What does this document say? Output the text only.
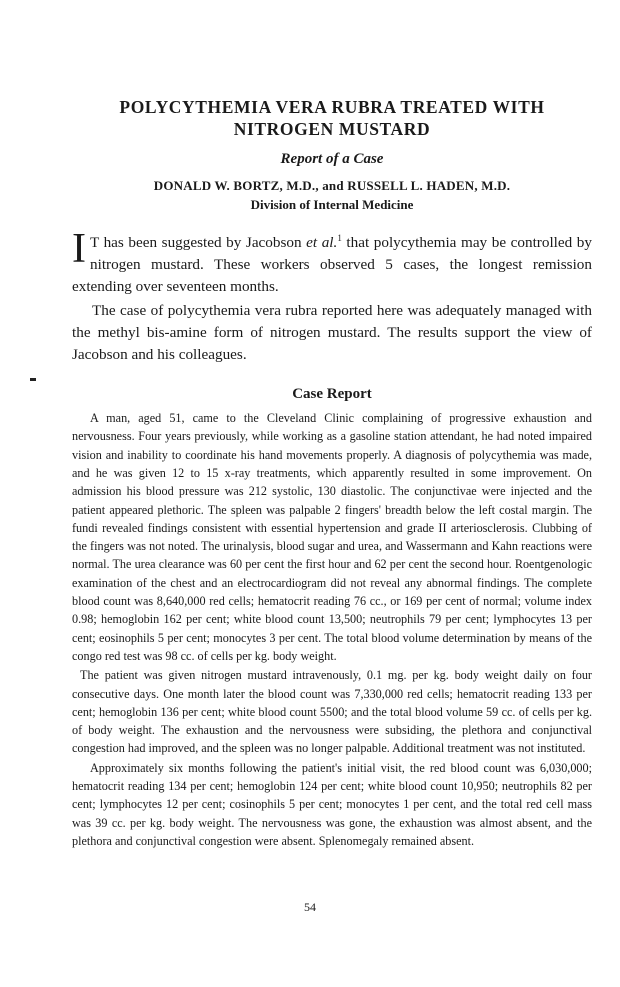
POLYCYTHEMIA VERA RUBRA TREATED WITH
NITROGEN MUSTARD
Report of a Case
DONALD W. BORTZ, M.D., and RUSSELL L. HADEN, M.D.
Division of Internal Medicine

I T has been suggested by Jacobson et al.$^1$ that polycythemia may be controlled by nitrogen mustard. These workers observed 5 cases, the longest remission extending over seventeen months.

The case of polycythemia vera rubra reported here was adequately managed with the methyl bis-amine form of nitrogen mustard. The results support the view of Jacobson and his colleagues.

Case Report

A man, aged 51, came to the Cleveland Clinic complaining of progressive exhaustion and nervousness. Four years previously, while working as a gasoline station attendant, he had noted impaired vision and inability to coordinate his hand movements properly. A diagnosis of polycythemia was made, and he was given 12 to 15 x-ray treatments, which apparently resulted in some improvement. On admission his blood pressure was 212 systolic, 130 diastolic. The conjunctivae were injected and the patient appeared plethoric. The spleen was palpable 2 fingers' breadth below the left costal margin. The fundi revealed findings consistent with essential hypertension and grade II arteriosclerosis. Clubbing of the fingers was not noted. The urinalysis, blood sugar and urea, and Wassermann and Kahn reactions were normal. The urea clearance was 60 per cent the first hour and 62 per cent the second hour. Roentgenologic examination of the chest and an electrocardiogram did not reveal any abnormal findings. The complete blood count was 8,640,000 red cells; hematocrit reading 76 cc., or 169 per cent of normal; volume index 0.98; hemoglobin 162 per cent; white blood count 13,500; neutrophils 79 per cent; lymphocytes 13 per cent; eosinophils 5 per cent; monocytes 3 per cent. The total blood volume determination by means of the congo red test was 98 cc. of cells per kg. body weight.

The patient was given nitrogen mustard intravenously, 0.1 mg. per kg. body weight daily on four consecutive days. One month later the blood count was 7,330,000 red cells; hematocrit reading 133 per cent; hemoglobin 136 per cent; white blood count 5500; and the total blood volume 59 cc. of cells per kg. of body weight. The exhaustion and the nervousness were subsiding, the plethora and conjunctival congestion had improved, and the spleen was no longer palpable. Additional treatment was not instituted.

Approximately six months following the patient's initial visit, the red blood count was 6,030,000; hematocrit reading 134 per cent; hemoglobin 124 per cent; white blood count 10,950; neutrophils 82 per cent; lymphocytes 12 per cent; cosinophils 5 per cent; monocytes 1 per cent, and the total red cell mass was 39 cc. per kg. body weight. The nervousness was gone, the exhaustion was almost absent, and the plethora and conjunctival congestion were absent. Splenomegaly remained absent.

54
